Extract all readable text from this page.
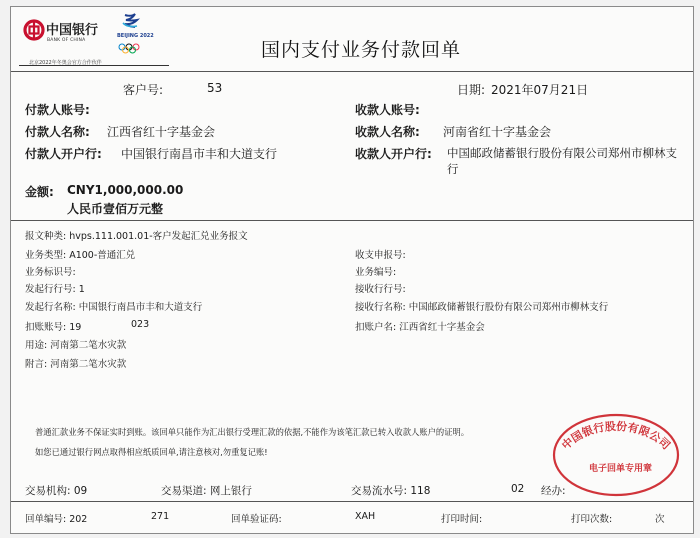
中国银行
BANK OF CHINA
BEIJING 2022
北京2022年冬奥会官方合作伙伴
国内支付业务付款回单
客户号:	53	日期: 2021年07月21日
付款人账号:	收款人账号:
付款人名称: 江西省红十字基金会	收款人名称: 河南省红十字基金会
付款人开户行: 中国银行南昌市丰和大道支行	收款人开户行: 中国邮政储蓄银行股份有限公司郑州市柳林支
行
金额: CNY1,000,000.00
人民币壹佰万元整
报文种类: hvps.111.001.01-客户发起汇兑业务报文
业务类型: A100-普通汇兑	收支申报号:
业务标识号:	业务编号:
发起行行号: 1	接收行行号:
发起行名称: 中国银行南昌市丰和大道支行	接收行名称: 中国邮政储蓄银行股份有限公司郑州市柳林支行
扣账账号: 19	023	扣账户名: 江西省红十字基金会
用途: 河南第二笔水灾款
附言: 河南第二笔水灾款
普通汇款业务不保证实时到账。该回单只能作为汇出银行受理汇款的依据,不能作为该笔汇款已转入收款人账户的证明。
如您已通过银行网点取得相应纸质回单,请注意核对,勿重复记账!	中国银行股份有限公司
电子回单专用章
交易机构: 09	交易渠道: 网上银行	交易流水号: 118	02 经办:
回单编号: 202	271	回单验证码:	XAH	打印时间:	打印次数:	次
